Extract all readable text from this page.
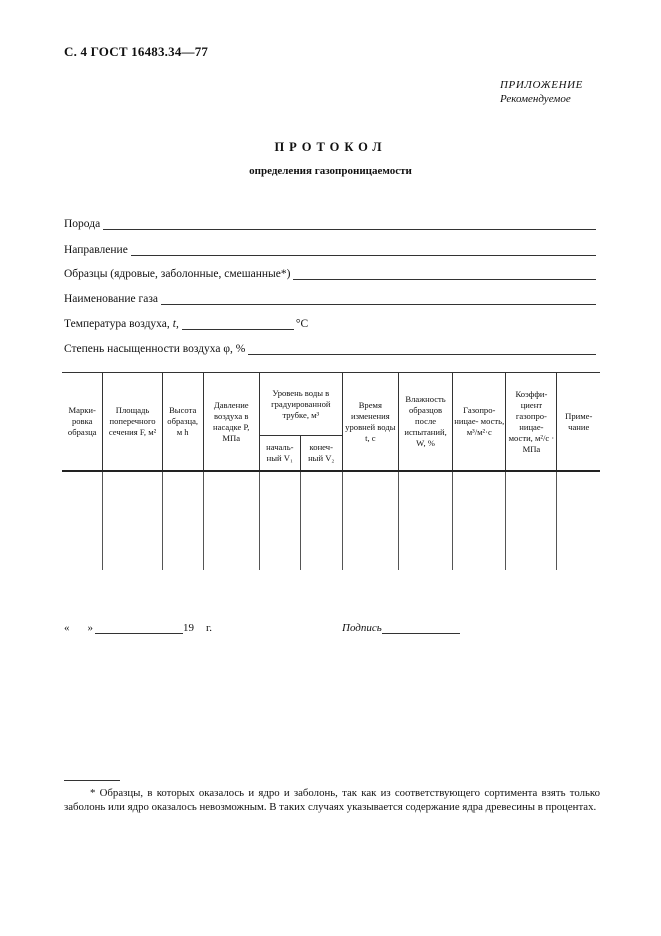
С. 4 ГОСТ 16483.34—77
ПРИЛОЖЕНИЕ
Рекомендуемое
ПРОТОКОЛ
определения газопроницаемости
Порода
Направление
Образцы (ядровые, заболонные, смешанные*)
Наименование газа
Температура воздуха, t,	°С
Степень насыщенности воздуха φ, %
Марки- ровка образца	Площадь поперечного сечения F, м²	Высота образца, м h	Давление воздуха в насадке P, МПа	Уровень воды в градуированной трубке, м³		Время изменения уровней воды t, с	Влажность образцов после испытаний, W, %	Газопро- ницае- мость, м³/м²·с	Коэффи- циент газопро- ницае- мости, м²/с · МПа	Приме- чание
				началь- ный V₁	конеч- ный V₂					

« »	19 г.	Подпись
* Образцы, в которых оказалось и ядро и заболонь, так как из соответствующего сортимента взять только заболонь или ядро оказалось невозможным. В таких случаях указывается содержание ядра древесины в процентах.
